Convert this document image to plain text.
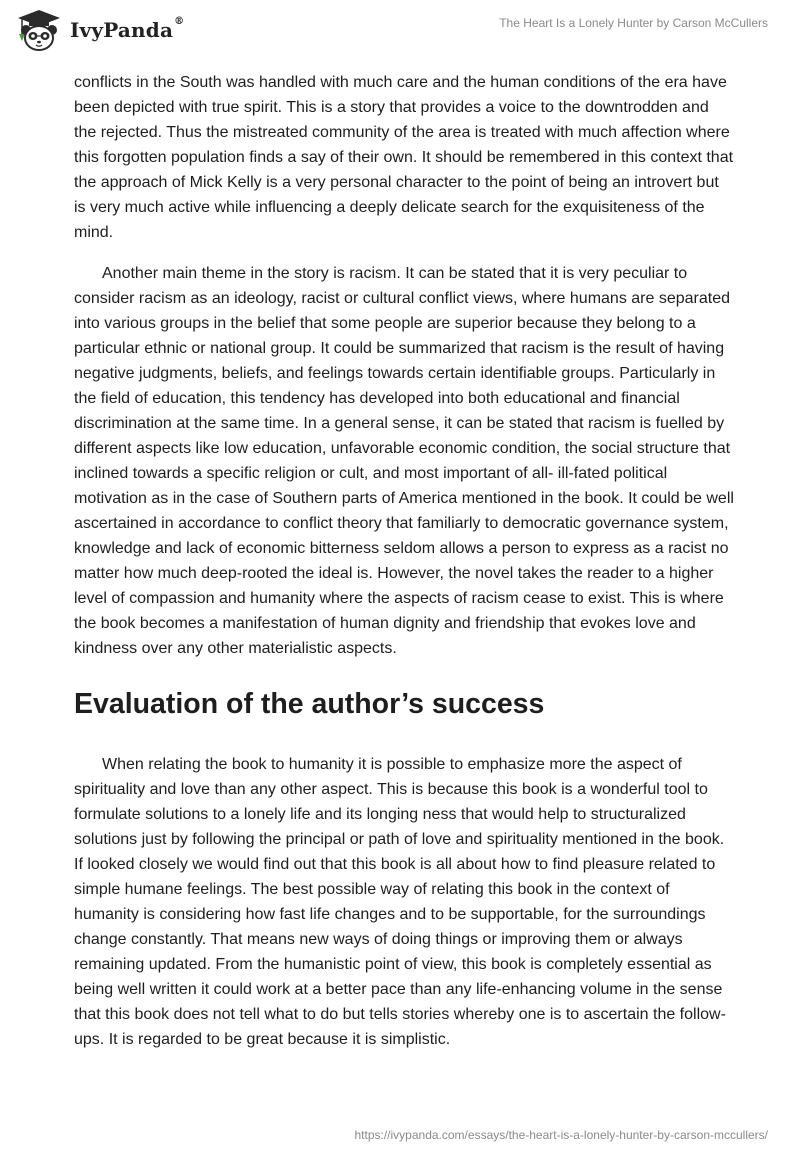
IvyPanda®	The Heart Is a Lonely Hunter by Carson McCullers

conflicts in the South was handled with much care and the human conditions of the era have been depicted with true spirit. This is a story that provides a voice to the downtrodden and the rejected. Thus the mistreated community of the area is treated with much affection where this forgotten population finds a say of their own. It should be remembered in this context that the approach of Mick Kelly is a very personal character to the point of being an introvert but is very much active while influencing a deeply delicate search for the exquisiteness of the mind.

Another main theme in the story is racism. It can be stated that it is very peculiar to consider racism as an ideology, racist or cultural conflict views, where humans are separated into various groups in the belief that some people are superior because they belong to a particular ethnic or national group. It could be summarized that racism is the result of having negative judgments, beliefs, and feelings towards certain identifiable groups. Particularly in the field of education, this tendency has developed into both educational and financial discrimination at the same time. In a general sense, it can be stated that racism is fuelled by different aspects like low education, unfavorable economic condition, the social structure that inclined towards a specific religion or cult, and most important of all- ill-fated political motivation as in the case of Southern parts of America mentioned in the book. It could be well ascertained in accordance to conflict theory that familiarly to democratic governance system, knowledge and lack of economic bitterness seldom allows a person to express as a racist no matter how much deep-rooted the ideal is. However, the novel takes the reader to a higher level of compassion and humanity where the aspects of racism cease to exist. This is where the book becomes a manifestation of human dignity and friendship that evokes love and kindness over any other materialistic aspects.

Evaluation of the author’s success

When relating the book to humanity it is possible to emphasize more the aspect of spirituality and love than any other aspect. This is because this book is a wonderful tool to formulate solutions to a lonely life and its longing ness that would help to structuralized solutions just by following the principal or path of love and spirituality mentioned in the book. If looked closely we would find out that this book is all about how to find pleasure related to simple humane feelings. The best possible way of relating this book in the context of humanity is considering how fast life changes and to be supportable, for the surroundings change constantly. That means new ways of doing things or improving them or always remaining updated. From the humanistic point of view, this book is completely essential as being well written it could work at a better pace than any life-enhancing volume in the sense that this book does not tell what to do but tells stories whereby one is to ascertain the follow-ups. It is regarded to be great because it is simplistic.

https://ivypanda.com/essays/the-heart-is-a-lonely-hunter-by-carson-mccullers/
